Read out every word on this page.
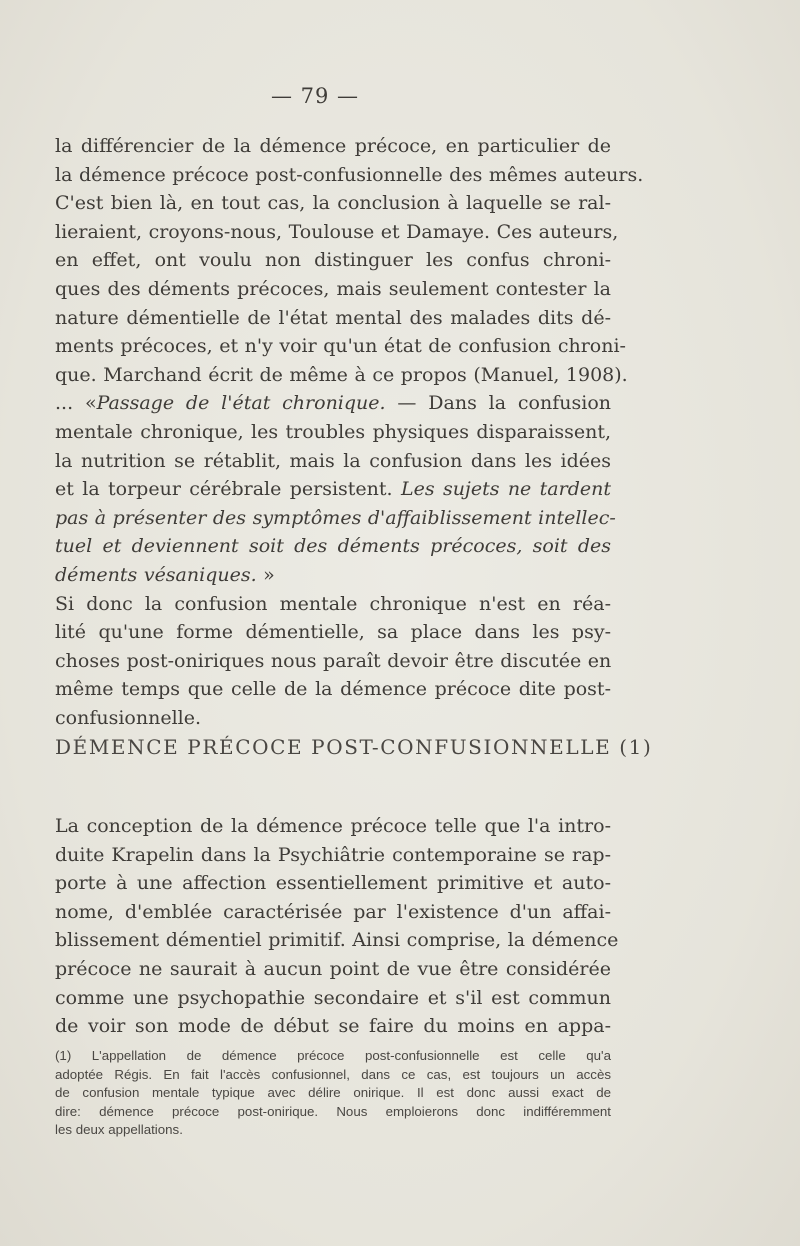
— 79 —
la différencier de la démence précoce, en particulier de
la démence précoce post-confusionnelle des mêmes auteurs.
C'est bien là, en tout cas, la conclusion à laquelle se ral-
lieraient, croyons-nous, Toulouse et Damaye. Ces auteurs,
en effet, ont voulu non distinguer les confus chroni-
ques des déments précoces, mais seulement contester la
nature démentielle de l'état mental des malades dits dé-
ments précoces, et n'y voir qu'un état de confusion chroni-
que. Marchand écrit de même à ce propos (Manuel, 1908).
... «Passage de l'état chronique. — Dans la confusion
mentale chronique, les troubles physiques disparaissent,
la nutrition se rétablit, mais la confusion dans les idées
et la torpeur cérébrale persistent. Les sujets ne tardent
pas à présenter des symptômes d'affaiblissement intellec-
tuel et deviennent soit des déments précoces, soit des
déments vésaniques. »
Si donc la confusion mentale chronique n'est en réa-
lité qu'une forme démentielle, sa place dans les psy-
choses post-oniriques nous paraît devoir être discutée en
même temps que celle de la démence précoce dite post-
confusionnelle.
DÉMENCE PRÉCOCE POST-CONFUSIONNELLE (1)
La conception de la démence précoce telle que l'a intro-
duite Krapelin dans la Psychiâtrie contemporaine se rap-
porte à une affection essentiellement primitive et auto-
nome, d'emblée caractérisée par l'existence d'un affai-
blissement démentiel primitif. Ainsi comprise, la démence
précoce ne saurait à aucun point de vue être considérée
comme une psychopathie secondaire et s'il est commun
de voir son mode de début se faire du moins en appa-
(1) L'appellation de démence précoce post-confusionnelle est celle qu'a
adoptée Régis. En fait l'accès confusionnel, dans ce cas, est toujours un accès
de confusion mentale typique avec délire onirique. Il est donc aussi exact de
dire: démence précoce post-onirique. Nous emploierons donc indifféremment
les deux appellations.
